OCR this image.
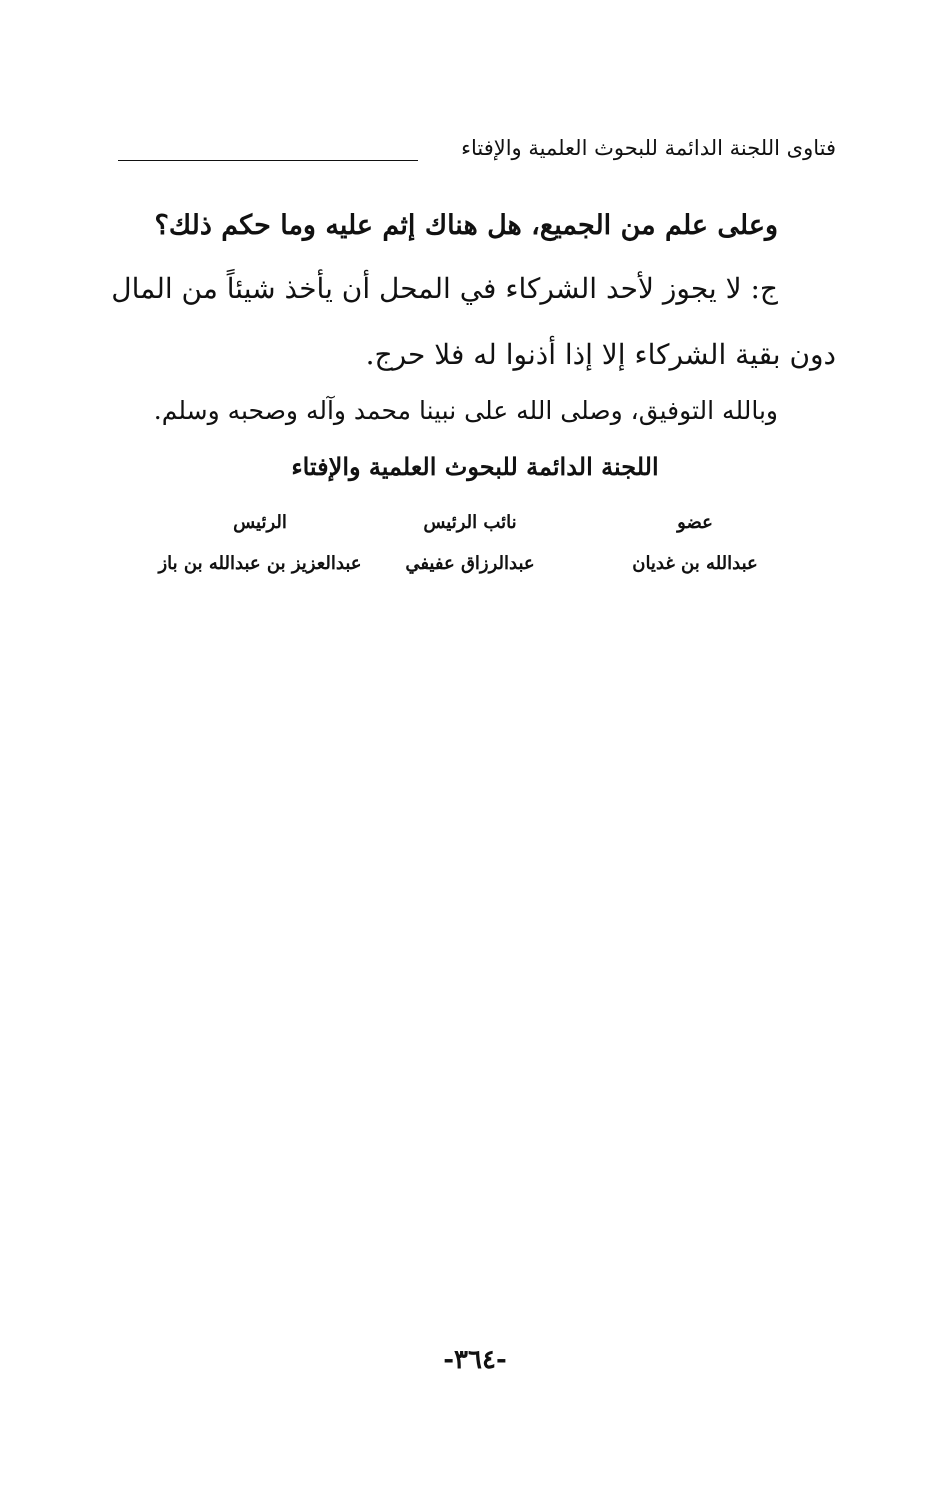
فتاوى اللجنة الدائمة للبحوث العلمية والإفتاء
وعلى علم من الجميع، هل هناك إثم عليه وما حكم ذلك؟
ج: لا يجوز لأحد الشركاء في المحل أن يأخذ شيئاً من المال
دون بقية الشركاء إلا إذا أذنوا له فلا حرج.
وبالله التوفيق، وصلى الله على نبينا محمد وآله وصحبه وسلم.
اللجنة الدائمة للبحوث العلمية والإفتاء
عضو
عبدالله بن غديان
نائب الرئيس
عبدالرزاق عفيفي
الرئيس
عبدالعزيز بن عبدالله بن باز
-٣٦٤-
